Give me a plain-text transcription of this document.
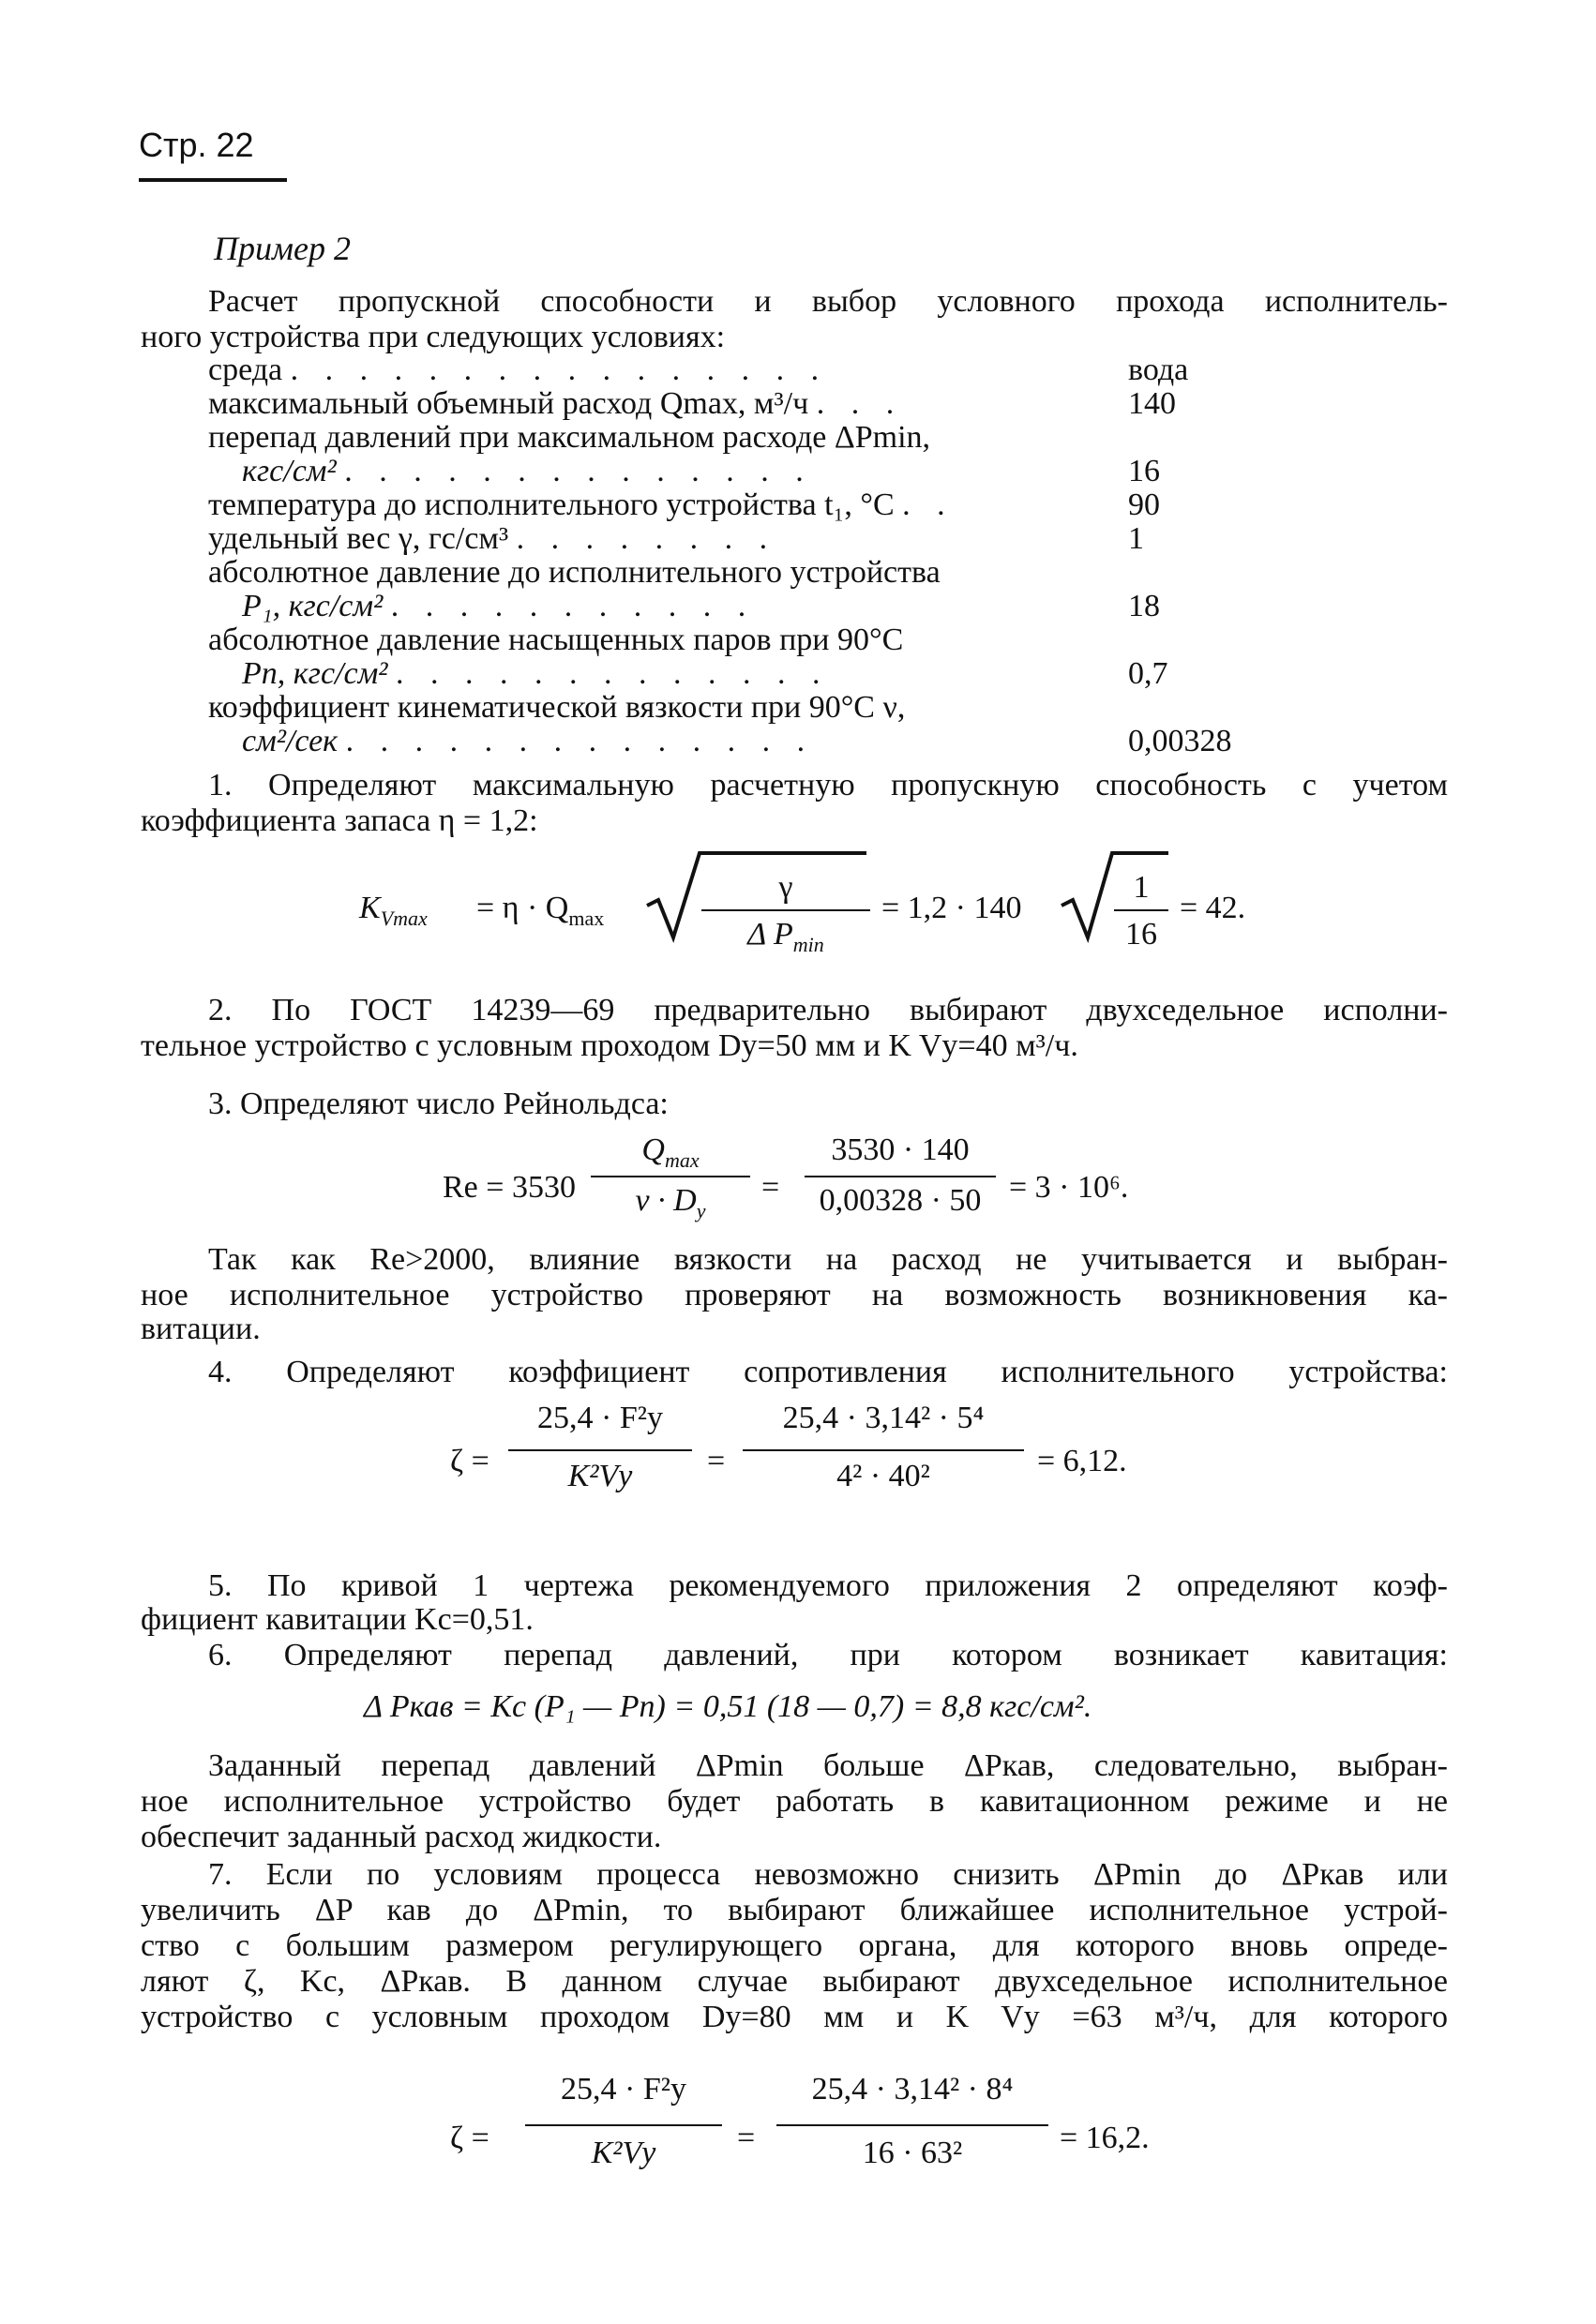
Стр. 22
Пример 2
Расчет пропускной способности и выбор условного прохода исполнитель-
ного устройства при следующих условиях:
среда . . . . . . . . . . . . . . . .	вода
максимальный объемный расход Qmax, м³/ч . . .	140
перепад давлений при максимальном расходе ΔPmin,
кгс/см² . . . . . . . . . . . . . .	16
температура до исполнительного устройства t₁, °С . .	90
удельный вес γ, гс/см³ . . . . . . . .	1
абсолютное давление до исполнительного устройства
P₁, кгс/см² . . . . . . . . . . .	18
абсолютное давление насыщенных паров при 90°С
Pп, кгс/см² . . . . . . . . . . . . .	0,7
коэффициент кинематической вязкости при 90°С ν,
см²/сек . . . . . . . . . . . . . .	0,00328
1. Определяют максимальную расчетную пропускную способность с учетом
коэффициента запаса η = 1,2:
$K_{Vmax} = \eta \cdot Q_{max}$
γ
Δ $P_{min}$
= 1,2 · 140
1
16
= 42.
2. По ГОСТ 14239—69 предварительно выбирают двухседельное исполни-
тельное устройство с условным проходом Dу=50 мм и K Vу=40 м³/ч.
3. Определяют число Рейнольдса:
Re = 3530
$Q_{max}$
$\nu \cdot D_у$
=
3530 · 140
0,00328 · 50 = 3 · 10⁶.
Так как Re>2000, влияние вязкости на расход не учитывается и выбран-
ное исполнительное устройство проверяют на возможность возникновения ка-
витации.
4. Определяют коэффициент сопротивления исполнительного устройства:
ζ =
25,4 · F²у
K²Vу	=
25,4 · 3,14² · 5⁴
4² · 40²	= 6,12.
5. По кривой 1 чертежа рекомендуемого приложения 2 определяют коэф-
фициент кавитации Kc=0,51.
6. Определяют перепад давлений, при котором возникает кавитация:
Δ Pкав = Kc (P₁ — Pп) = 0,51 (18 — 0,7) = 8,8 кгс/см².
Заданный перепад давлений ΔPmin больше ΔPкав, следовательно, выбран-
ное исполнительное устройство будет работать в кавитационном режиме и не
обеспечит заданный расход жидкости.
7. Если по условиям процесса невозможно снизить ΔPmin до ΔPкав или
увеличить ΔP кав до ΔPmin, то выбирают ближайшее исполнительное устрой-
ство с большим размером регулирующего органа, для которого вновь опреде-
ляют ζ, Kc, ΔPкав. В данном случае выбирают двухседельное исполнительное
устройство с условным проходом Dу=80 мм и K Vу =63 м³/ч, для которого
ζ =
25,4 · F²у
K²Vу	=
25,4 · 3,14² · 8⁴
16 · 63²	= 16,2.
